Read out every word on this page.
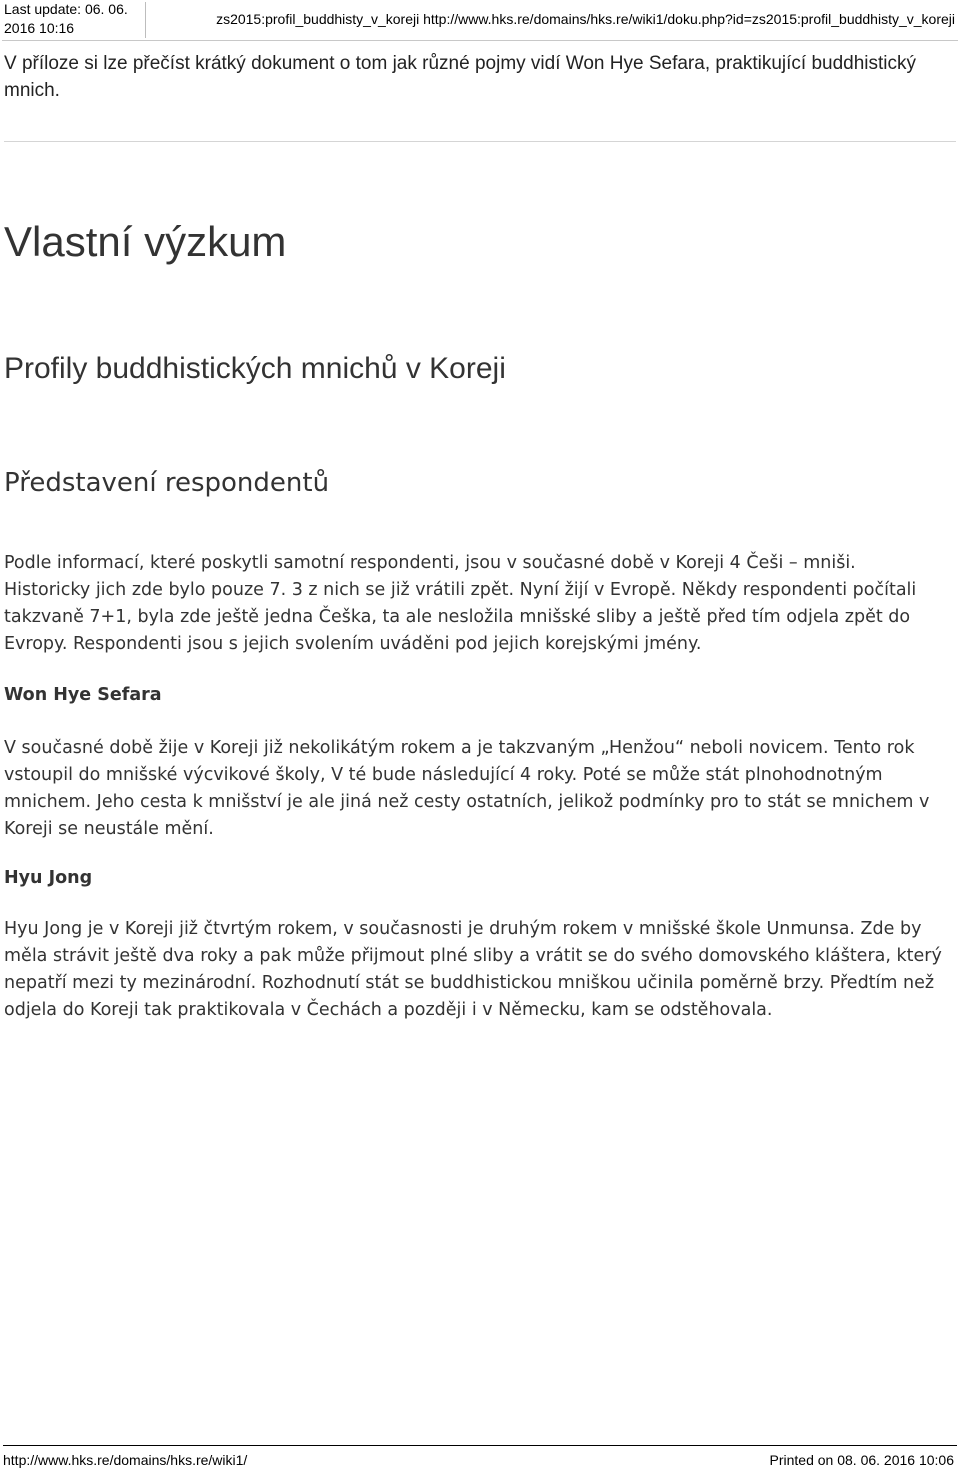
Last update: 06. 06. 2016 10:16
zs2015:profil_buddhisty_v_koreji http://www.hks.re/domains/hks.re/wiki1/doku.php?id=zs2015:profil_buddhisty_v_koreji

V příloze si lze přečíst krátký dokument o tom jak různé pojmy vidí Won Hye Sefara, praktikující buddhistický mnich.

Vlastní výzkum
Profily buddhistických mnichů v Koreji
Představení respondentů

Podle informací, které poskytli samotní respondenti, jsou v současné době v Koreji 4 Češi – mniši. Historicky jich zde bylo pouze 7. 3 z nich se již vrátili zpět. Nyní žijí v Evropě. Někdy respondenti počítali takzvaně 7+1, byla zde ještě jedna Češka, ta ale nesložila mnišské sliby a ještě před tím odjela zpět do Evropy. Respondenti jsou s jejich svolením uváděni pod jejich korejskými jmény.

Won Hye Sefara

V současné době žije v Koreji již nekolikátým rokem a je takzvaným „Henžou“ neboli novicem. Tento rok vstoupil do mnišské výcvikové školy, V té bude následující 4 roky. Poté se může stát plnohodnotným mnichem. Jeho cesta k mnišství je ale jiná než cesty ostatních, jelikož podmínky pro to stát se mnichem v Koreji se neustále mění.

Hyu Jong

Hyu Jong je v Koreji již čtvrtým rokem, v současnosti je druhým rokem v mnišské škole Unmunsa. Zde by měla strávit ještě dva roky a pak může přijmout plné sliby a vrátit se do svého domovského kláštera, který nepatří mezi ty mezinárodní. Rozhodnutí stát se buddhistickou mniškou učinila poměrně brzy. Předtím než odjela do Koreji tak praktikovala v Čechách a později i v Německu, kam se odstěhovala.

http://www.hks.re/domains/hks.re/wiki1/	Printed on 08. 06. 2016 10:06
